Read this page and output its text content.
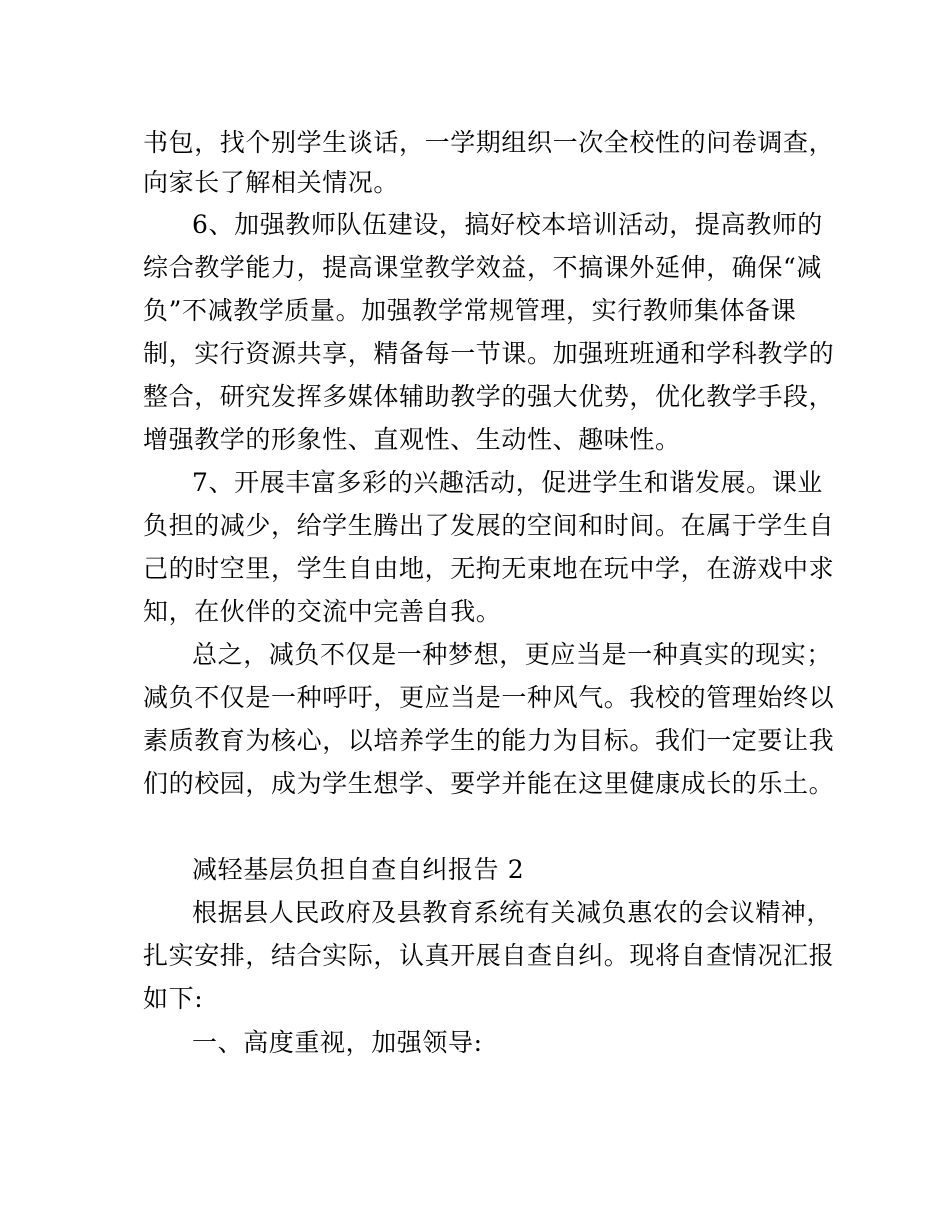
书包，找个别学生谈话，一学期组织一次全校性的问卷调查，
向家长了解相关情况。
6、加强教师队伍建设，搞好校本培训活动，提高教师的
综合教学能力，提高课堂教学效益，不搞课外延伸，确保“减
负”不减教学质量。加强教学常规管理，实行教师集体备课
制，实行资源共享，精备每一节课。加强班班通和学科教学的
整合，研究发挥多媒体辅助教学的强大优势，优化教学手段，
增强教学的形象性、直观性、生动性、趣味性。
7、开展丰富多彩的兴趣活动，促进学生和谐发展。课业
负担的减少，给学生腾出了发展的空间和时间。在属于学生自
己的时空里，学生自由地，无拘无束地在玩中学，在游戏中求
知，在伙伴的交流中完善自我。
总之，减负不仅是一种梦想，更应当是一种真实的现实；
减负不仅是一种呼吁，更应当是一种风气。我校的管理始终以
素质教育为核心，以培养学生的能力为目标。我们一定要让我
们的校园，成为学生想学、要学并能在这里健康成长的乐土。
减轻基层负担自查自纠报告 2
根据县人民政府及县教育系统有关减负惠农的会议精神，
扎实安排，结合实际，认真开展自查自纠。现将自查情况汇报
如下:
一、高度重视，加强领导:
